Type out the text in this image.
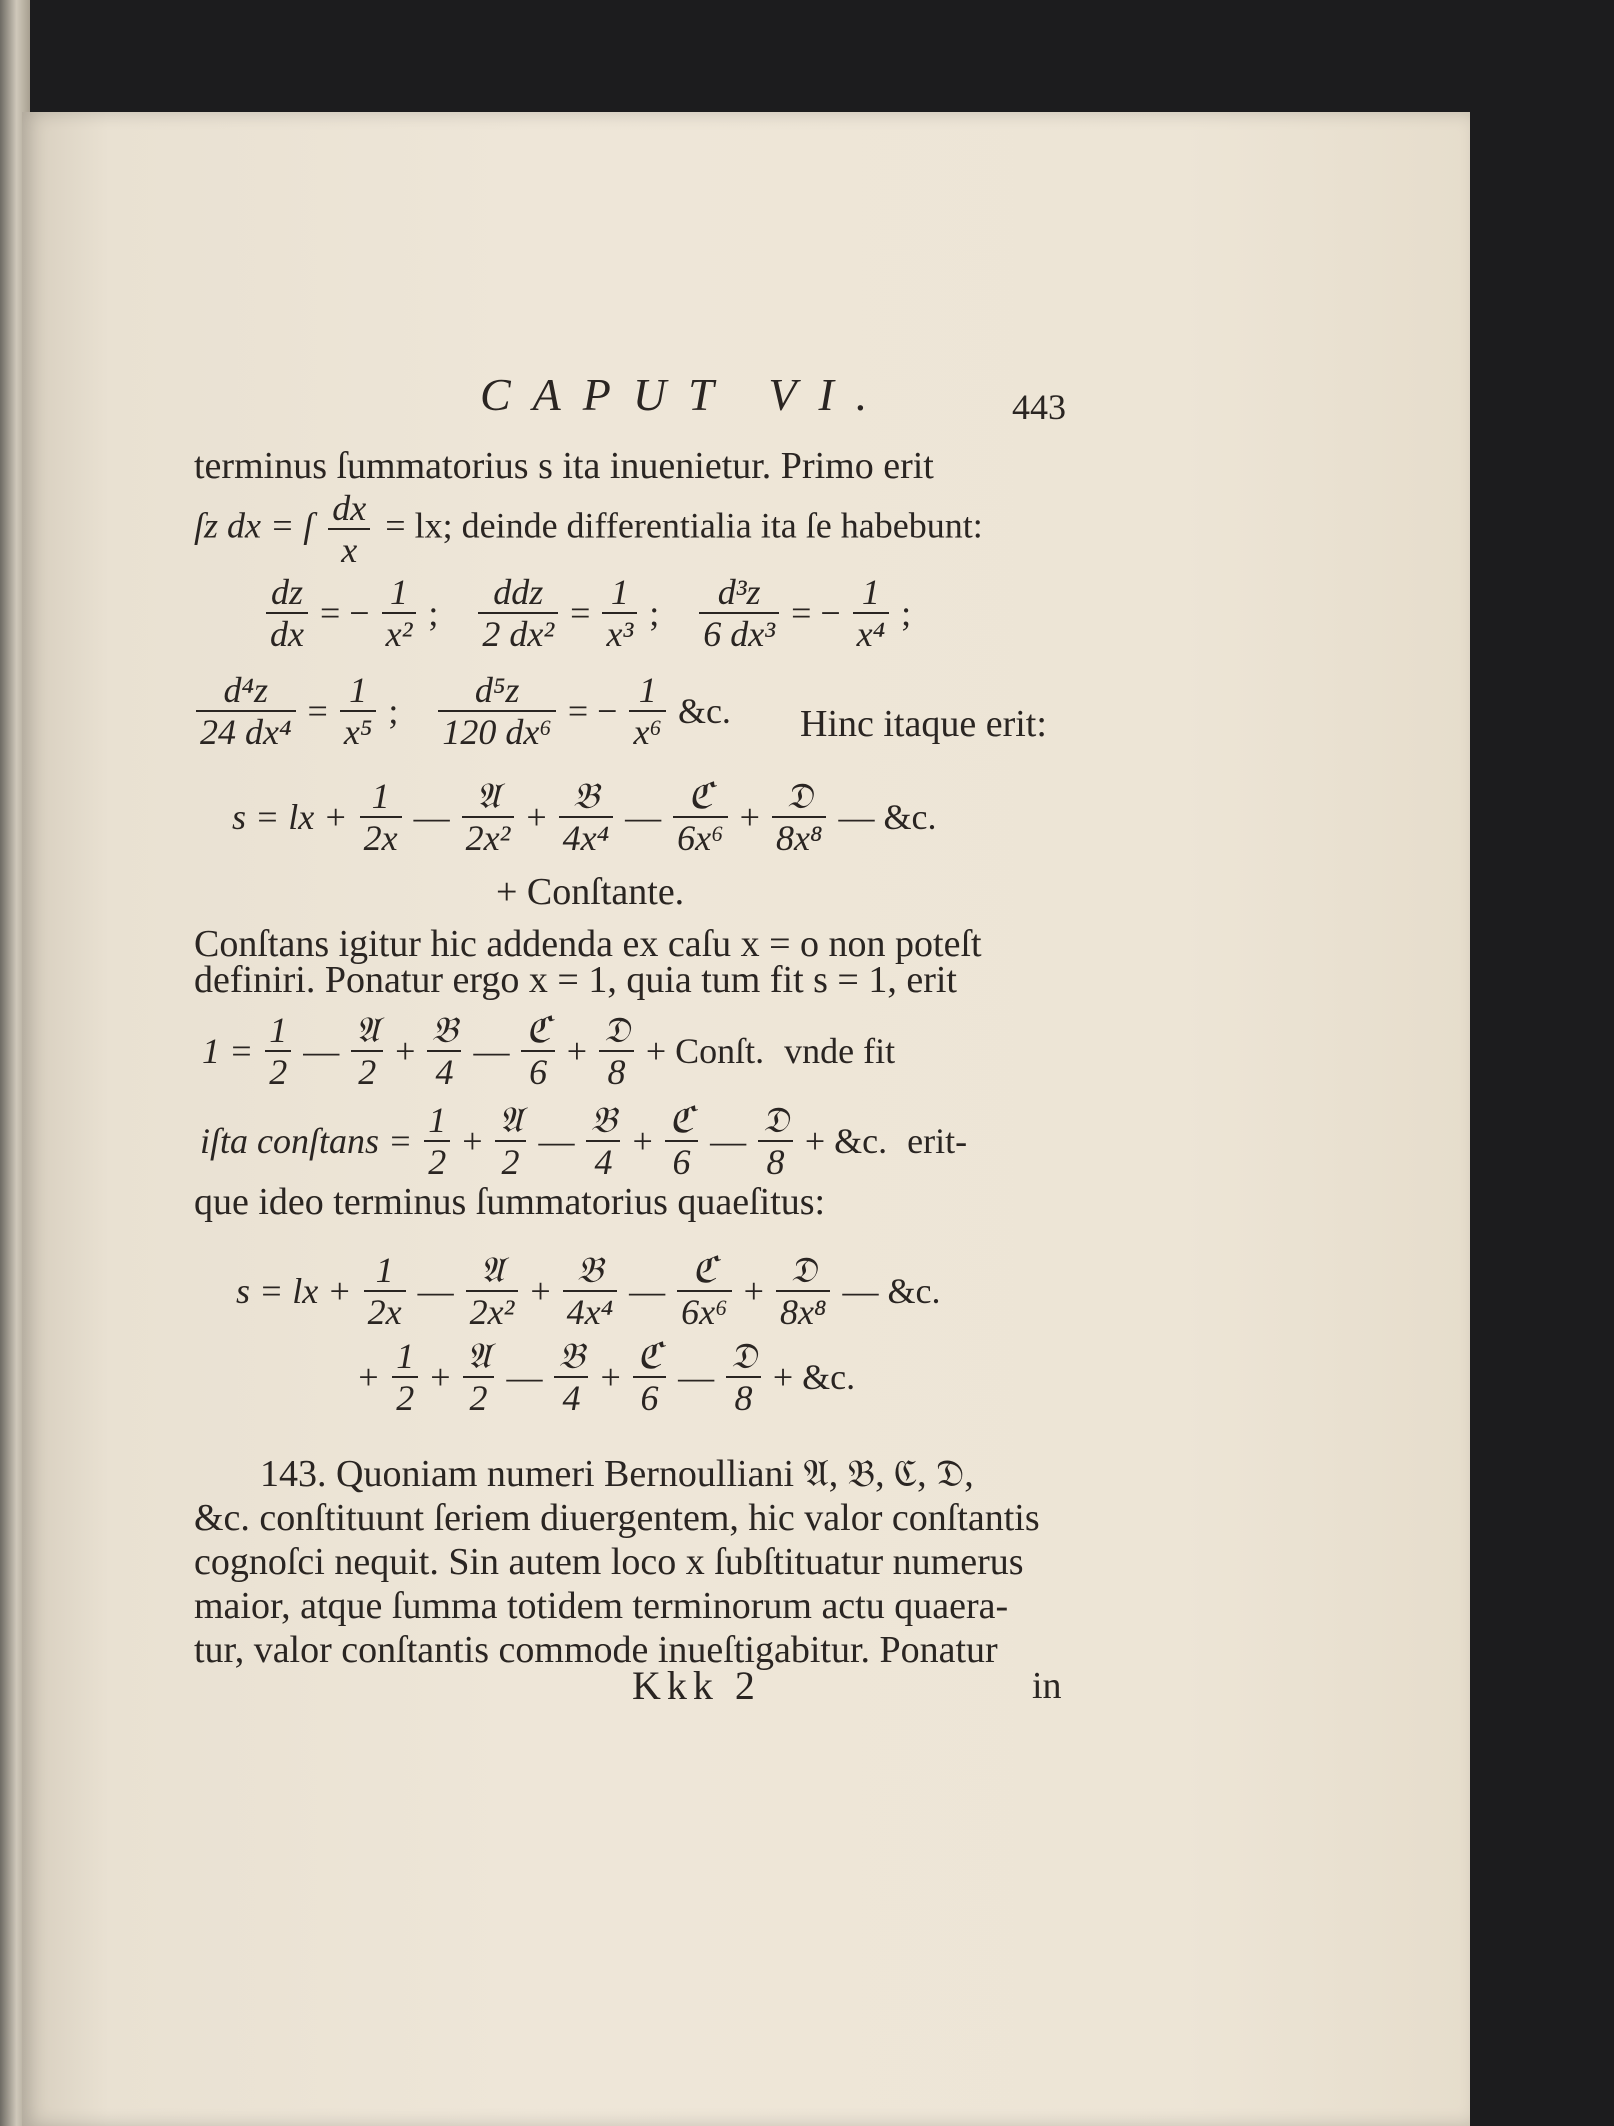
CAPUT VI.	443
terminus ſummatorius s ita inuenietur. Primo erit
ſz dx = ſ $\frac{dx}{x}$ = lx; deinde differentialia ita ſe habebunt:
$\frac{dz}{dx}$ = − $\frac{1}{\text{x²}}$ ; $\frac{\text{ddz}}{\text{2 dx²}} = \frac{1}{\text{x³}}$ ; $\frac{\text{d³z}}{\text{6 dx³}}$ = − $\frac{1}{\text{x⁴}}$ ;
$\frac{\text{d⁴z}}{\text{24 dx⁴}} = \frac{1}{\text{x⁵}}$ ; $\frac{\text{d⁵z}}{\text{120 dx⁶}}$ = − $\frac{1}{\text{x⁶}}$ &c.	Hinc itaque erit:
s = lx + $\frac{1}{2x}$ — $\frac{\text{𝔄}}{\text{2x²}} + \frac{\text{𝔅}}{\text{4x⁴}}$ — $\frac{\text{ℭ}}{\text{6x⁶}} + \frac{\text{𝔇}}{\text{8x⁸}}$ — &c.
+ Conſtante.
Conſtans igitur hic addenda ex caſu x = o non poteſt
definiri. Ponatur ergo x = 1, quia tum fit s = 1, erit
$1 = \frac{1}{2}$ — $\frac{\text{𝔄}}{2} + \frac{\text{𝔅}}{4}$ — $\frac{\text{ℭ}}{6} + \frac{\text{𝔇}}{8}$ + Conſt. vnde fit
iſta conſtans = $\frac{1}{2} + \frac{\text{𝔄}}{2}$ — $\frac{\text{𝔅}}{4} + \frac{\text{ℭ}}{6}$ — $\frac{\text{𝔇}}{8}$ + &c. erit-
que ideo terminus ſummatorius quaeſitus:
s = lx + $\frac{1}{2x}$ — $\frac{\text{𝔄}}{\text{2x²}} + \frac{\text{𝔅}}{\text{4x⁴}}$ — $\frac{\text{ℭ}}{\text{6x⁶}} + \frac{\text{𝔇}}{\text{8x⁸}}$ — &c.
+ $\frac{1}{2} + \frac{\text{𝔄}}{2}$ — $\frac{\text{𝔅}}{4} + \frac{\text{ℭ}}{6}$ — $\frac{\text{𝔇}}{8}$ + &c.
143. Quoniam numeri Bernoulliani 𝔄, 𝔅, ℭ, 𝔇,
&c. conſtituunt ſeriem diuergentem, hic valor conſtantis
cognoſci nequit. Sin autem loco x ſubſtituatur numerus
maior, atque ſumma totidem terminorum actu quaera-
tur, valor conſtantis commode inueſtigabitur. Ponatur
Kkk 2	in
